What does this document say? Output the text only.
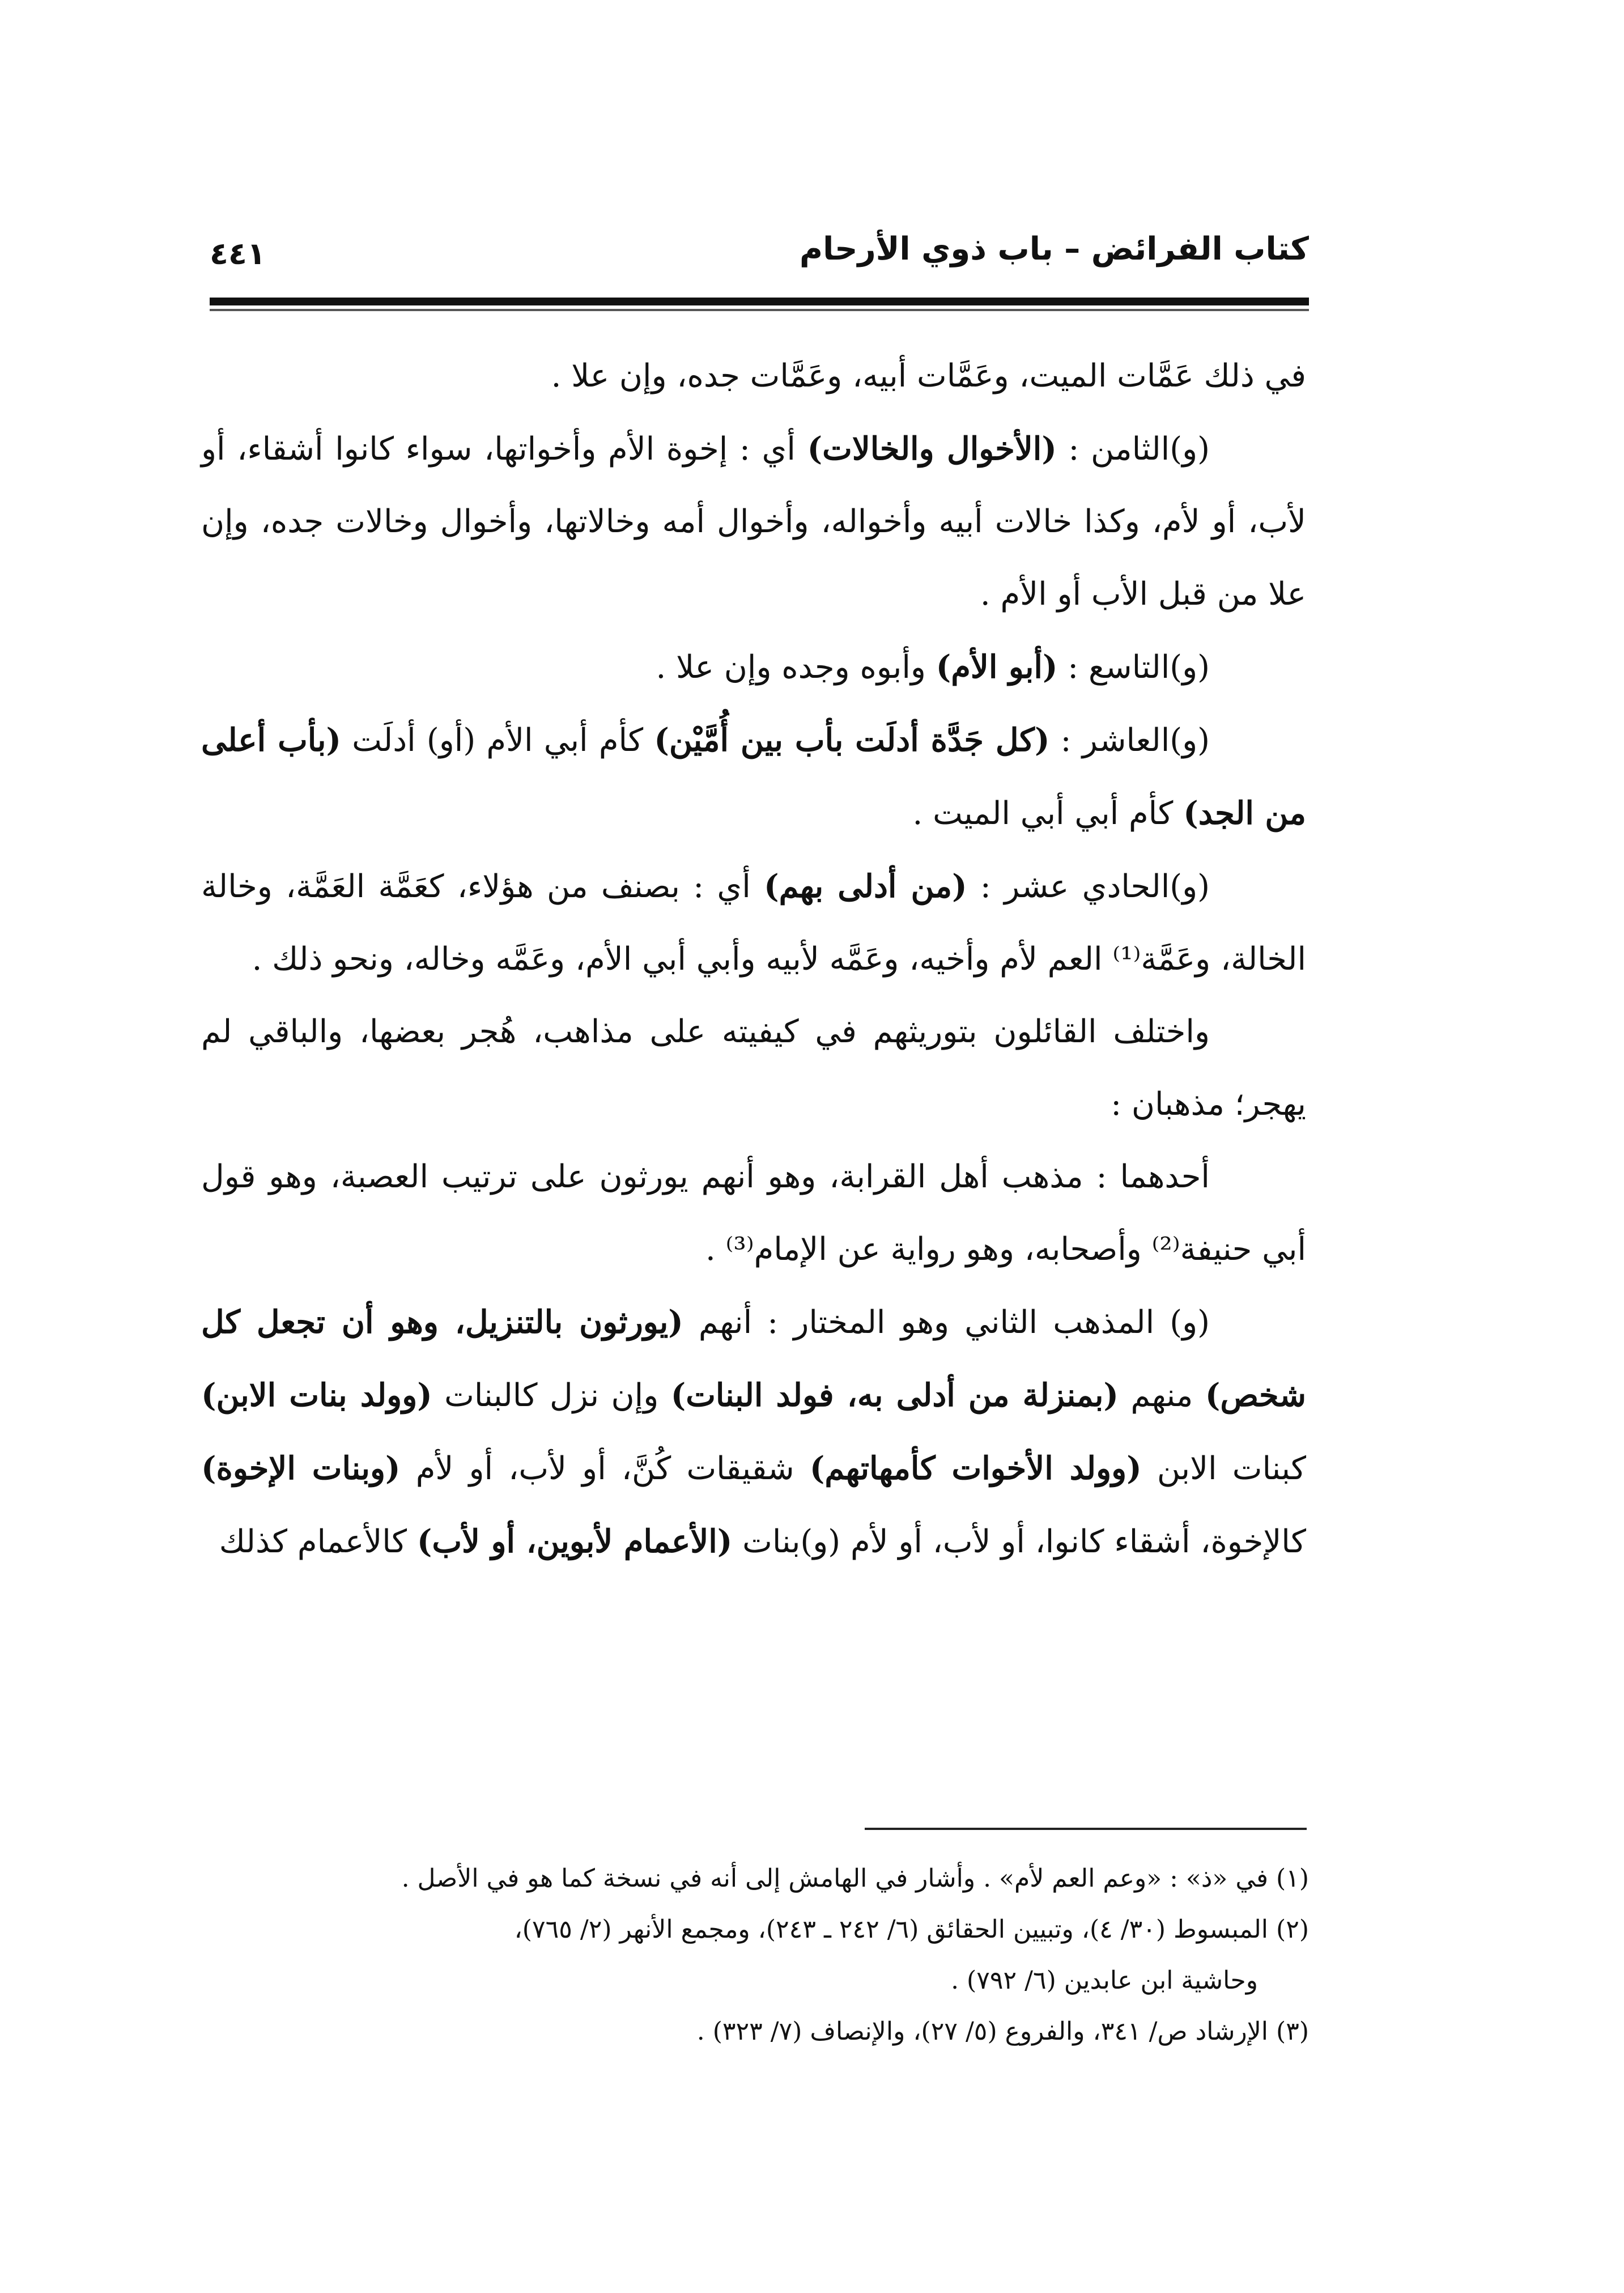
كتاب الفرائض – باب ذوي الأرحام
٤٤١

في ذلك عَمَّات الميت، وعَمَّات أبيه، وعَمَّات جده، وإن علا .

(و)الثامن : (الأخوال والخالات) أي : إخوة الأم وأخواتها، سواء كانوا أشقاء، أو لأب، أو لأم، وكذا خالات أبيه وأخواله، وأخوال أمه وخالاتها، وأخوال وخالات جده، وإن علا من قبل الأب أو الأم .

(و)التاسع : (أبو الأم) وأبوه وجده وإن علا .

(و)العاشر : (كل جَدَّة أدلَت بأب بين أُمَّيْن) كأم أبي الأم (أو) أدلَت (بأب أعلى من الجد) كأم أبي أبي الميت .

(و)الحادي عشر : (من أدلى بهم) أي : بصنف من هؤلاء، كعَمَّة العَمَّة، وخالة الخالة، وعَمَّة⁽¹⁾ العم لأم وأخيه، وعَمَّه لأبيه وأبي أبي الأم، وعَمَّه وخاله، ونحو ذلك .

واختلف القائلون بتوريثهم في كيفيته على مذاهب، هُجر بعضها، والباقي لم يهجر؛ مذهبان :

أحدهما : مذهب أهل القرابة، وهو أنهم يورثون على ترتيب العصبة، وهو قول أبي حنيفة⁽²⁾ وأصحابه، وهو رواية عن الإمام⁽³⁾ .

(و) المذهب الثاني وهو المختار : أنهم (يورثون بالتنزيل، وهو أن تجعل كل شخص) منهم (بمنزلة من أدلى به، فولد البنات) وإن نزل كالبنات (وولد بنات الابن) كبنات الابن (وولد الأخوات كأمهاتهم) شقيقات كُنَّ، أو لأب، أو لأم (وبنات الإخوة) كالإخوة، أشقاء كانوا، أو لأب، أو لأم (و)بنات (الأعمام لأبوين، أو لأب) كالأعمام كذلك

(١) في «ذ» : «وعم العم لأم» . وأشار في الهامش إلى أنه في نسخة كما هو في الأصل .

(٢) المبسوط (٣٠/ ٤)، وتبيين الحقائق (٦/ ٢٤٢ ـ ٢٤٣)، ومجمع الأنهر (٢/ ٧٦٥)،

وحاشية ابن عابدين (٦/ ٧٩٢) .

(٣) الإرشاد ص/ ٣٤١، والفروع (٥/ ٢٧)، والإنصاف (٧/ ٣٢٣) .
